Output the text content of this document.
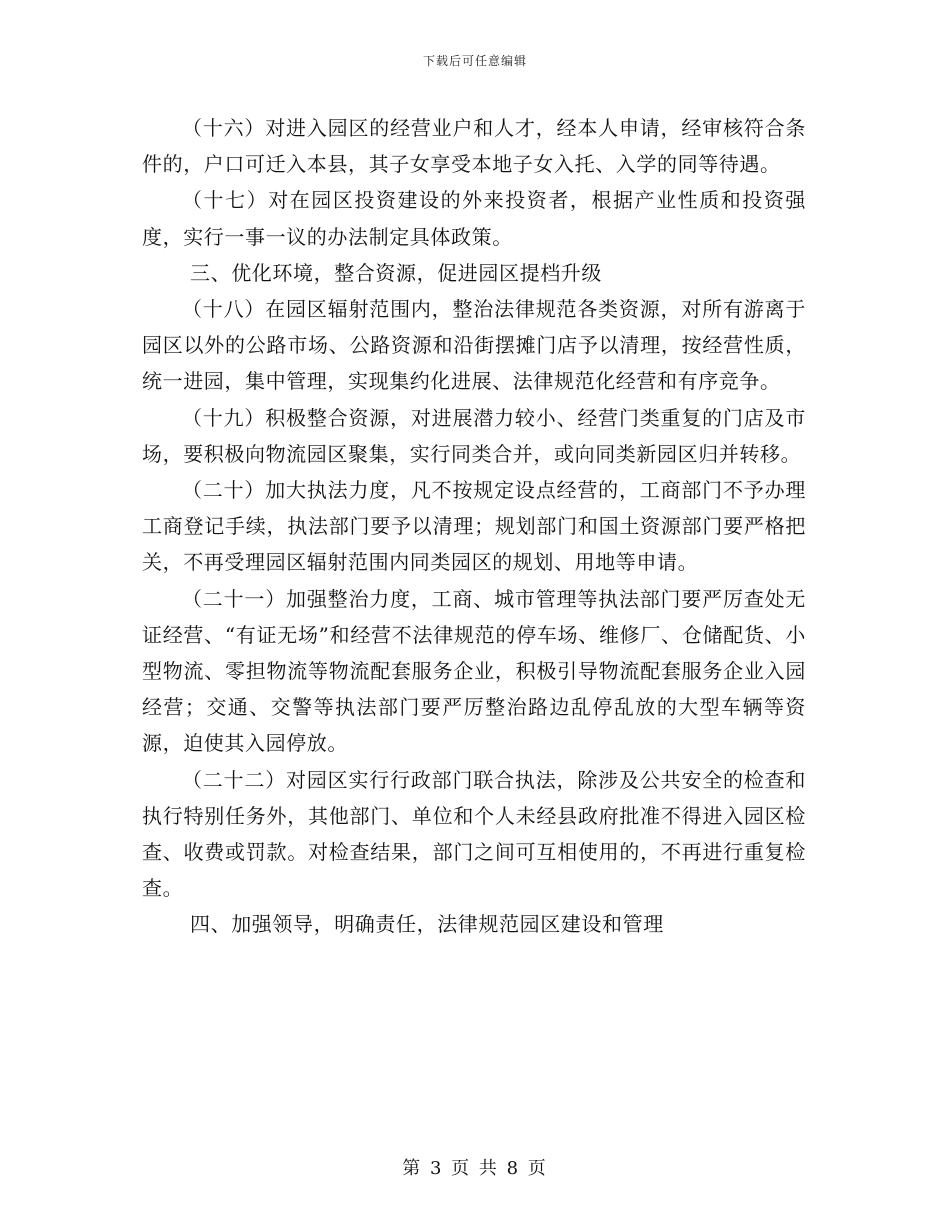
下载后可任意编辑

（十六）对进入园区的经营业户和人才，经本人申请，经审核符合条件的，户口可迁入本县，其子女享受本地子女入托、入学的同等待遇。

（十七）对在园区投资建设的外来投资者，根据产业性质和投资强度，实行一事一议的办法制定具体政策。

三、优化环境，整合资源，促进园区提档升级

（十八）在园区辐射范围内，整治法律规范各类资源，对所有游离于园区以外的公路市场、公路资源和沿街摆摊门店予以清理，按经营性质，统一进园，集中管理，实现集约化进展、法律规范化经营和有序竞争。

（十九）积极整合资源，对进展潜力较小、经营门类重复的门店及市场，要积极向物流园区聚集，实行同类合并，或向同类新园区归并转移。

（二十）加大执法力度，凡不按规定设点经营的，工商部门不予办理工商登记手续，执法部门要予以清理；规划部门和国土资源部门要严格把关，不再受理园区辐射范围内同类园区的规划、用地等申请。

（二十一）加强整治力度，工商、城市管理等执法部门要严厉查处无证经营、“有证无场”和经营不法律规范的停车场、维修厂、仓储配货、小型物流、零担物流等物流配套服务企业，积极引导物流配套服务企业入园经营；交通、交警等执法部门要严厉整治路边乱停乱放的大型车辆等资源，迫使其入园停放。

（二十二）对园区实行行政部门联合执法，除涉及公共安全的检查和执行特别任务外，其他部门、单位和个人未经县政府批准不得进入园区检查、收费或罚款。对检查结果，部门之间可互相使用的，不再进行重复检查。

四、加强领导，明确责任，法律规范园区建设和管理

第 3 页 共 8 页
